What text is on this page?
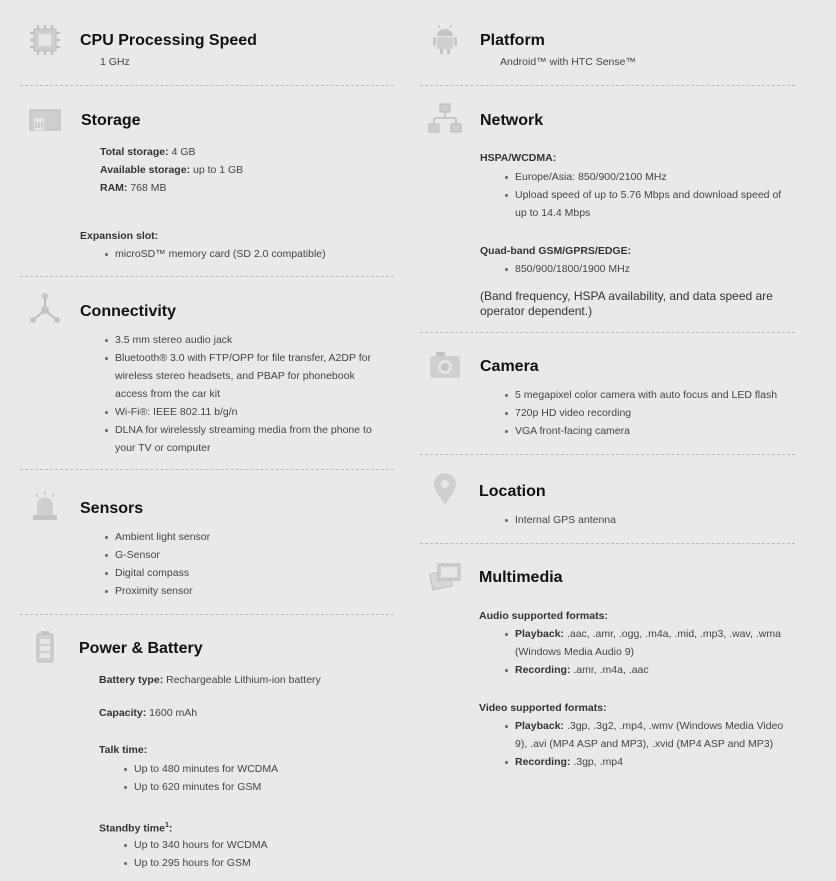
CPU Processing Speed
1 GHz
Storage
Total storage: 4 GB
Available storage: up to 1 GB
RAM: 768 MB
Expansion slot:
microSD™ memory card (SD 2.0 compatible)
Connectivity
3.5 mm stereo audio jack
Bluetooth® 3.0 with FTP/OPP for file transfer, A2DP for
wireless stereo headsets, and PBAP for phonebook
access from the car kit
Wi-Fi®: IEEE 802.11 b/g/n
DLNA for wirelessly streaming media from the phone to
your TV or computer
Sensors
Ambient light sensor
G-Sensor
Digital compass
Proximity sensor
Power & Battery
Battery type: Rechargeable Lithium-ion battery
Capacity: 1600 mAh
Talk time:
Up to 480 minutes for WCDMA
Up to 620 minutes for GSM
Standby time$^1$:
Up to 340 hours for WCDMA
Up to 295 hours for GSM
Platform
Android™ with HTC Sense™
Network
HSPA/WCDMA:
Europe/Asia: 850/900/2100 MHz
Upload speed of up to 5.76 Mbps and download speed of
up to 14.4 Mbps
Quad-band GSM/GPRS/EDGE:
850/900/1800/1900 MHz
(Band frequency, HSPA availability, and data speed are operator dependent.)
Camera
5 megapixel color camera with auto focus and LED flash
720p HD video recording
VGA front-facing camera
Location
Internal GPS antenna
Multimedia
Audio supported formats:
Playback: .aac, .amr, .ogg, .m4a, .mid, .mp3, .wav, .wma
(Windows Media Audio 9)
Recording: .amr, .m4a, .aac
Video supported formats:
Playback: .3gp, .3g2, .mp4, .wmv (Windows Media Video
9), .avi (MP4 ASP and MP3), .xvid (MP4 ASP and MP3)
Recording: .3gp, .mp4
